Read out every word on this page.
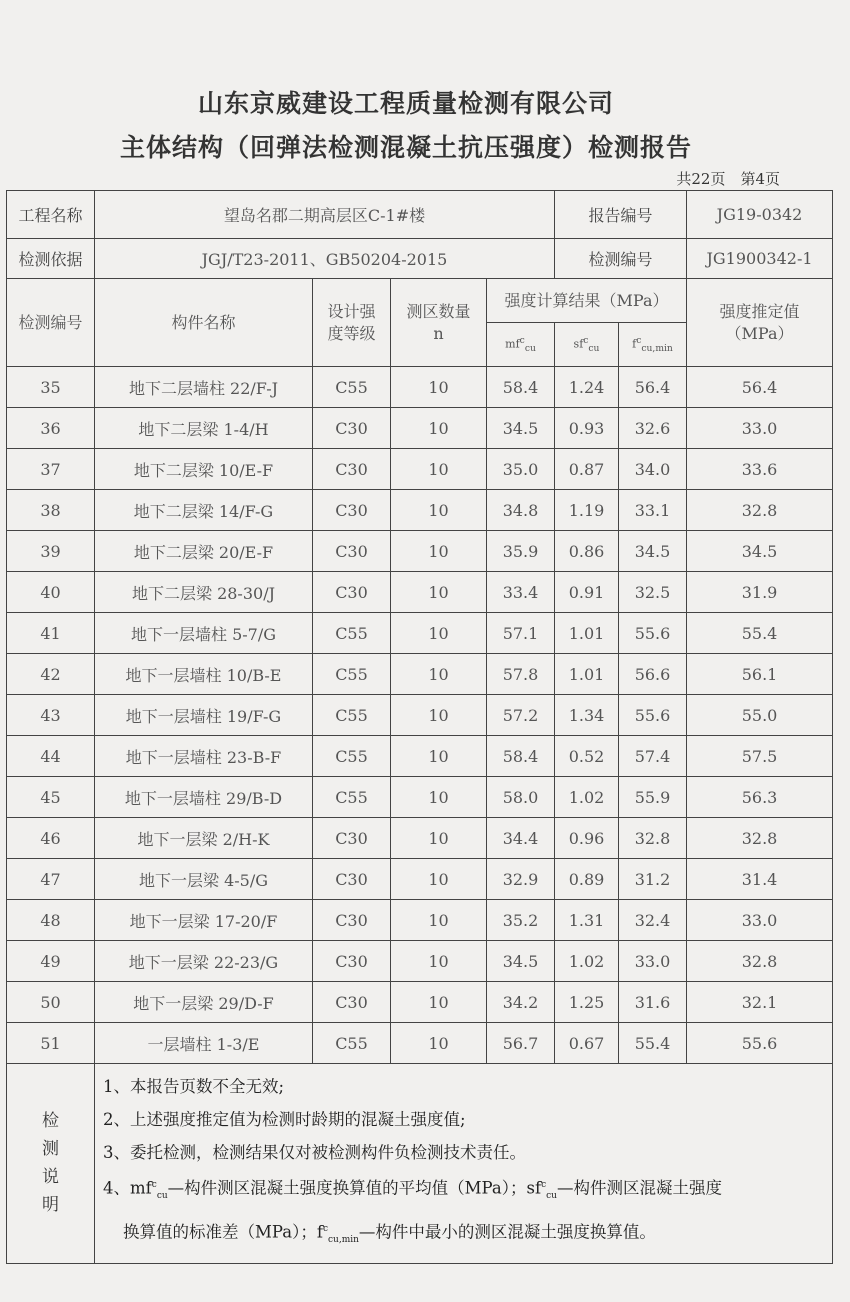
山东京威建设工程质量检测有限公司
主体结构（回弹法检测混凝土抗压强度）检测报告
共22页　第4页
工程名称	望岛名郡二期高层区C-1#楼				报告编号		JG19-0342
检测依据	JGJ/T23-2011、GB50204-2015				检测编号		JG1900342-1
检测编号	构件名称	设计强度等级	测区数量 n	强度计算结果（MPa）			强度推定值（MPa）
				$mf^c_{cu}$	$sf^c_{cu}$	$f^c_{cu,min}$
35	地下二层墙柱 22/F-J	C55	10	58.4	1.24	56.4	56.4
36	地下二层梁 1-4/H	C30	10	34.5	0.93	32.6	33.0
37	地下二层梁 10/E-F	C30	10	35.0	0.87	34.0	33.6
38	地下二层梁 14/F-G	C30	10	34.8	1.19	33.1	32.8
39	地下二层梁 20/E-F	C30	10	35.9	0.86	34.5	34.5
40	地下二层梁 28-30/J	C30	10	33.4	0.91	32.5	31.9
41	地下一层墙柱 5-7/G	C55	10	57.1	1.01	55.6	55.4
42	地下一层墙柱 10/B-E	C55	10	57.8	1.01	56.6	56.1
43	地下一层墙柱 19/F-G	C55	10	57.2	1.34	55.6	55.0
44	地下一层墙柱 23-B-F	C55	10	58.4	0.52	57.4	57.5
45	地下一层墙柱 29/B-D	C55	10	58.0	1.02	55.9	56.3
46	地下一层梁 2/H-K	C30	10	34.4	0.96	32.8	32.8
47	地下一层梁 4-5/G	C30	10	32.9	0.89	31.2	31.4
48	地下一层梁 17-20/F	C30	10	35.2	1.31	32.4	33.0
49	地下一层梁 22-23/G	C30	10	34.5	1.02	33.0	32.8
50	地下一层梁 29/D-F	C30	10	34.2	1.25	31.6	32.1
51	一层墙柱 1-3/E	C55	10	56.7	0.67	55.4	55.6

检测说明	1、本报告页数不全无效;
2、上述强度推定值为检测时龄期的混凝土强度值;
3、委托检测，检测结果仅对被检测构件负检测技术责任。
4、$mf^c_{cu}—$构件测区混凝土强度换算值的平均值（MPa）；$sf^c_{cu}—$构件测区混凝土强度
换算值的标准差（MPa）；$f^c_{cu,min}—$构件中最小的测区混凝土强度换算值。						
